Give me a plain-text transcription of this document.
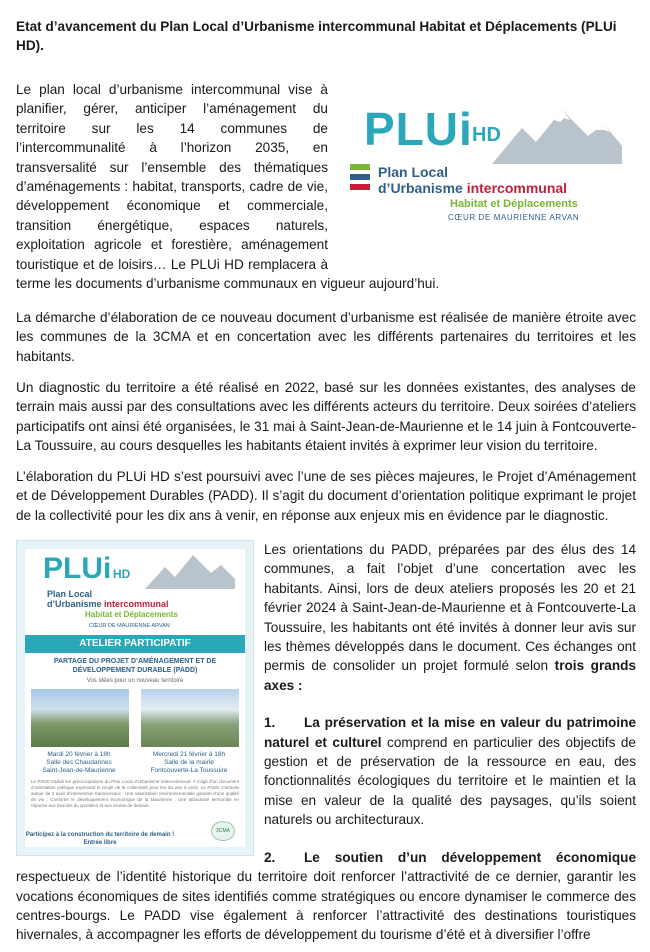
Etat d’avancement du Plan Local d’Urbanisme intercommunal Habitat et Déplacements (PLUi HD).
PLUi HD
Plan Local
d’Urbanisme intercommunal
Habitat et Déplacements
CŒUR DE MAURIENNE ARVAN
Le plan local d’urbanisme intercommunal vise à planifier, gérer, anticiper l’aménagement du territoire sur les 14 communes de l’intercommunalité à l’horizon 2035, en transversalité sur l’ensemble des thématiques d’aménagements : habitat, transports, cadre de vie, développement économique et commerciale, transition énergétique, espaces naturels, exploitation agricole et forestière, aménagement touristique et de loisirs… Le PLUi HD remplacera à terme les documents d’urbanisme communaux en vigueur aujourd’hui.
La démarche d’élaboration de ce nouveau document d’urbanisme est réalisée de manière étroite avec les communes de la 3CMA et en concertation avec les différents partenaires du territoires et les habitants.
Un diagnostic du territoire a été réalisé en 2022, basé sur les données existantes, des analyses de terrain mais aussi par des consultations avec les différents acteurs du territoire. Deux soirées d’ateliers participatifs ont ainsi été organisées, le 31 mai à Saint-Jean-de-Maurienne et le 14 juin à Fontcouverte-La Toussuire, au cours desquelles les habitants étaient invités à exprimer leur vision du territoire.
L’élaboration du PLUi HD s’est poursuivi avec l’une de ses pièces majeures, le Projet d’Aménagement et de Développement Durables (PADD). Il s’agit du document d’orientation politique exprimant le projet de la collectivité pour les dix ans à venir, en réponse aux enjeux mis en évidence par le diagnostic.
PLUi HD
Plan Local
d’Urbanisme intercommunal
Habitat et Déplacements
CŒUR DE MAURIENNE ARVAN
ATELIER PARTICIPATIF
PARTAGE DU PROJET D’AMÉNAGEMENT ET DE DÉVELOPPEMENT DURABLE (PADD)
Vos idées pour un nouveau territoire
Mardi 20 février à 18h
Salle des Chaudannes
Saint-Jean-de-Maurienne
Mercredi 21 février à 18h
Salle de la mairie
Fontcouverte-La Toussuire
Le PADD traduit les préoccupations du Plan Local d’Urbanisme intercommunal. Il s’agit d’un document d’orientation politique exprimant le projet de la collectivité pour les dix ans à venir. Le PADD s’articule autour de 3 axes d’intervention transversaux : Une valorisation environnementale garante d’une qualité de vie ; Conforter le développement économique de la Maurienne ; Une attractivité territoriale en réponse aux besoins du quotidien et aux envies de demain.
Participez à la construction du territoire de demain !
Entrée libre
3CMA
Les orientations du PADD, préparées par des élus des 14 communes, a fait l’objet d’une concertation avec les habitants. Ainsi, lors de deux ateliers proposés les 20 et 21 février 2024 à Saint-Jean-de-Maurienne et à Fontcouverte-La Toussuire, les habitants ont été invités à donner leur avis sur les thèmes développés dans le document. Ces échanges ont permis de consolider un projet formulé selon trois grands axes :
1. La préservation et la mise en valeur du patrimoine naturel et culturel comprend en particulier des objectifs de gestion et de préservation de la ressource en eau, des fonctionnalités écologiques du territoire et le maintien et la mise en valeur de la qualité des paysages, qu’ils soient naturels ou architecturaux.
2. Le soutien d’un développement économique respectueux de l’identité historique du territoire doit renforcer l’attractivité de ce dernier, garantir les vocations économiques de sites identifiés comme stratégiques ou encore dynamiser le commerce des centres-bourgs. Le PADD vise également à renforcer l’attractivité des destinations touristiques hivernales, à accompagner les efforts de développement du tourisme d’été et à diversifier l’offre
